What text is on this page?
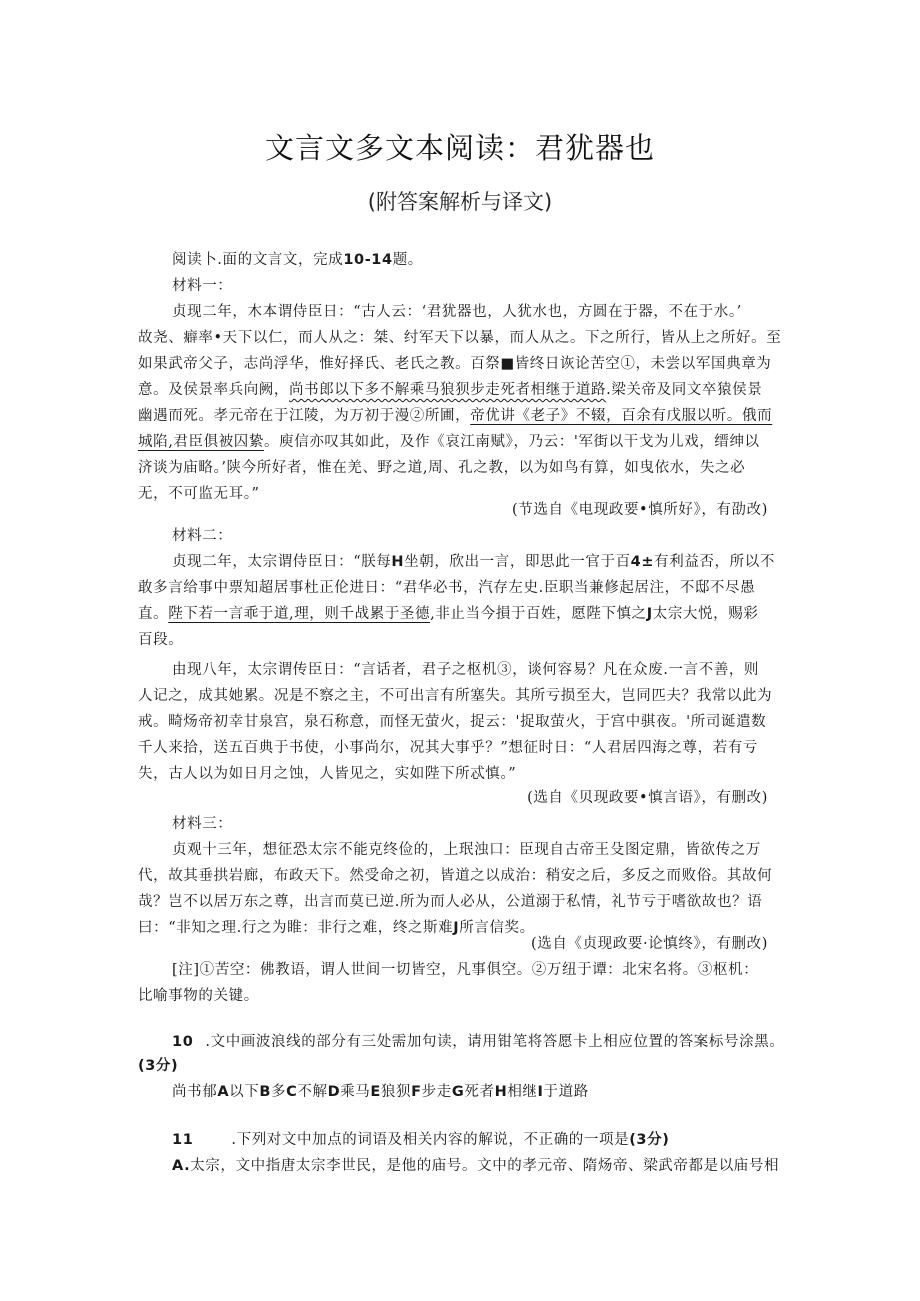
文言文多文本阅读：君犹器也
(附答案解析与译文)
阅读卜.面的文言文，完成10-14题。
材料一：
贞现二年，木本谓侍臣日：“古人云：‘君犹器也，人犹水也，方圆在于器，不在于水。’
故尧、癖率•天下以仁，而人从之：桀、纣军天下以暴，而人从之。下之所行，皆从上之所好。至
如果武帝父子，志尚浮华，惟好择氏、老氏之教。百祭■皆终日诙论苦空①，未尝以军国典章为
意。及侯景率兵向阙，尚书郎以下多不解乘马狼狈步走死者相继于道路.梁关帝及同文卒猿侯景
幽遇而死。孝元帝在于江陵，为万初于漫②所圃，帝优讲《老子》不辍，百余有戊服以听。俄而
城陷,君臣俱被囚絷。庾信亦叹其如此，及作《哀江南赋》，乃云：'军街以干戈为儿戏，缙绅以
济谈为庙略。’陕今所好者，惟在羌、野之道,周、孔之教，以为如鸟有算，如曳依水，失之必
无，不可监无耳。”
(节选自《电现政要•慎所好》，有劭改)
材料二：
贞现二年，太宗谓侍臣日：“朕每H坐朝，欣出一言，即思此一官于百4±有利益否，所以不
敢多言给事中票知超居事杜正伦进日：“君华必书，汽存左史.臣职当兼修起居注，不邸不尽愚
直。陛下若一言乖于道,理，则千战累于圣德,非止当今損于百姓，愿陛下慎之J太宗大悦，赐彩
百段。
由现八年，太宗谓传臣日：“言话者，君子之枢机③，谈何容易？凡在众废.一言不善，则
人记之，成其她累。况是不察之主，不可出言有所塞失。其所亏损至大，岂同匹夫？我常以此为
戒。畸炀帝初幸甘泉宫，泉石称意，而怪无萤火，捉云：'捉取萤火，于宫中骐夜。'所司诞遣数
千人来拾，送五百典于书使，小事尚尔，况其大事乎？”想征时日：“人君居四海之尊，若有亏
失，古人以为如日月之蚀，人皆见之，实如陛下所忒慎。”
(选自《贝现政要•慎言语》，有删改)
材料三：
贞观十三年，想征恐太宗不能克终俭的，上珉浊口：臣现自古帝王殳图定鼎，皆欲传之万
代，故其垂拱岩廊，布政天下。然受命之初，皆道之以成治：稍安之后，多反之而败俗。其故何
哉？岂不以居万东之尊，出言而莫已逆.所为而人必从，公道溺于私情，礼节亏于嗜欲故也？语
曰：“非知之理.行之为睢：非行之难，终之斯难J所言信奖。
(选自《贞现政要·论慎终》，有删改)
[注]①苦空：佛教语，谓人世间一切皆空，凡事俱空。②万纽于谭：北宋名将。③枢机：
比喻事物的关键。
10 .文中画波浪线的部分有三处需加句读，请用钳笔将答愿卡上相应位置的答案标号涂黑。
(3分)
尚书郁A以下B多C不解D乘马E狼狈F步走G死者H相继I于道路
11	.下列对文中加点的词语及相关内容的解说，不正确的一项是(3分)
A.太宗，文中指唐太宗李世民，是他的庙号。文中的孝元帝、隋炀帝、梁武帝都是以庙号相
